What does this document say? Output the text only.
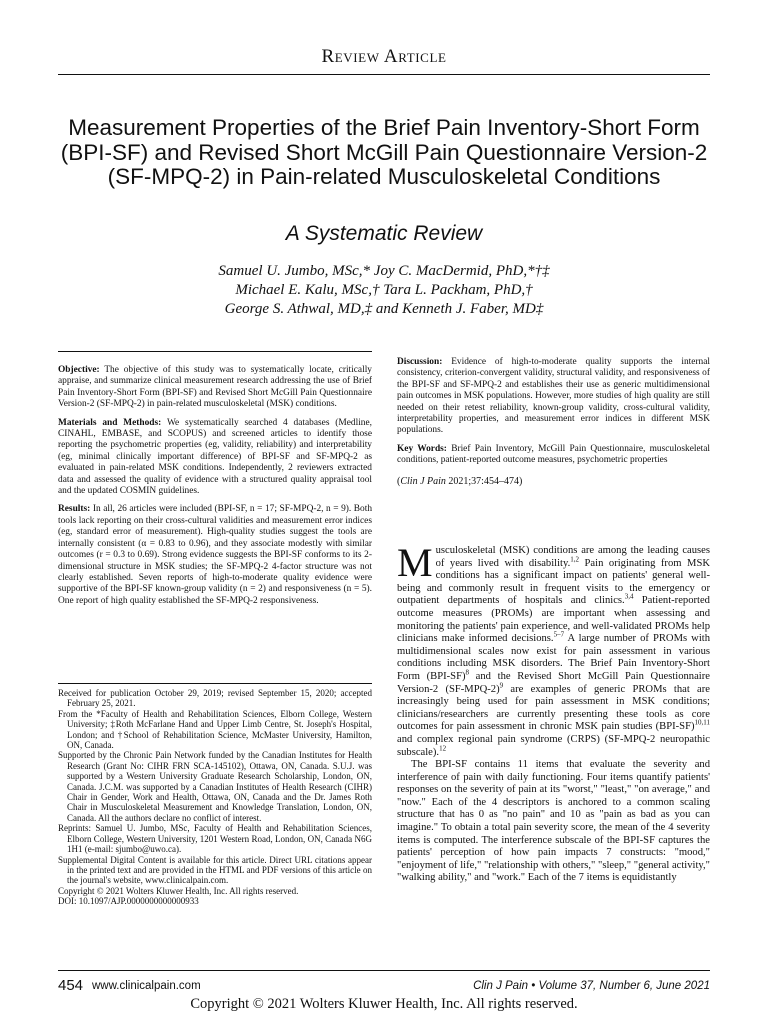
Review Article
Measurement Properties of the Brief Pain Inventory-Short Form (BPI-SF) and Revised Short McGill Pain Questionnaire Version-2 (SF-MPQ-2) in Pain-related Musculoskeletal Conditions
A Systematic Review
Samuel U. Jumbo, MSc,* Joy C. MacDermid, PhD,*†‡
Michael E. Kalu, MSc,† Tara L. Packham, PhD,†
George S. Athwal, MD,‡ and Kenneth J. Faber, MD‡

Objective: The objective of this study was to systematically locate, critically appraise, and summarize clinical measurement research addressing the use of Brief Pain Inventory-Short Form (BPI-SF) and Revised Short McGill Pain Questionnaire Version-2 (SF-MPQ-2) in pain-related musculoskeletal (MSK) conditions.

Materials and Methods: We systematically searched 4 databases (Medline, CINAHL, EMBASE, and SCOPUS) and screened articles to identify those reporting the psychometric properties (eg, validity, reliability) and interpretability (eg, minimal clinically important difference) of BPI-SF and SF-MPQ-2 as evaluated in pain-related MSK conditions. Independently, 2 reviewers extracted data and assessed the quality of evidence with a structured quality appraisal tool and the updated COSMIN guidelines.

Results: In all, 26 articles were included (BPI-SF, n = 17; SF-MPQ-2, n = 9). Both tools lack reporting on their cross-cultural validities and measurement error indices (eg, standard error of measurement). High-quality studies suggest the tools are internally consistent (α = 0.83 to 0.96), and they associate modestly with similar outcomes (r = 0.3 to 0.69). Strong evidence suggests the BPI-SF conforms to its 2-dimensional structure in MSK studies; the SF-MPQ-2 4-factor structure was not clearly established. Seven reports of high-to-moderate quality evidence were supportive of the BPI-SF known-group validity (n = 2) and responsiveness (n = 5). One report of high quality established the SF-MPQ-2 responsiveness.

Discussion: Evidence of high-to-moderate quality supports the internal consistency, criterion-convergent validity, structural validity, and responsiveness of the BPI-SF and SF-MPQ-2 and establishes their use as generic multidimensional pain outcomes in MSK populations. However, more studies of high quality are still needed on their retest reliability, known-group validity, cross-cultural validity, interpretability properties, and measurement error indices in different MSK populations.

Key Words: Brief Pain Inventory, McGill Pain Questionnaire, musculoskeletal conditions, patient-reported outcome measures, psychometric properties

(Clin J Pain 2021;37:454–474)
Received for publication October 29, 2019; revised September 15, 2020; accepted February 25, 2021.
From the *Faculty of Health and Rehabilitation Sciences, Elborn College, Western University; ‡Roth McFarlane Hand and Upper Limb Centre, St. Joseph's Hospital, London; and †School of Rehabilitation Science, McMaster University, Hamilton, ON, Canada.
Supported by the Chronic Pain Network funded by the Canadian Institutes for Health Research (Grant No: CIHR FRN SCA-145102), Ottawa, ON, Canada. S.U.J. was supported by a Western University Graduate Research Scholarship, London, ON, Canada. J.C.M. was supported by a Canadian Institutes of Health Research (CIHR) Chair in Gender, Work and Health, Ottawa, ON, Canada and the Dr. James Roth Chair in Musculoskeletal Measurement and Knowledge Translation, London, ON, Canada. All the authors declare no conflict of interest.
Reprints: Samuel U. Jumbo, MSc, Faculty of Health and Rehabilitation Sciences, Elborn College, Western University, 1201 Western Road, London, ON, Canada N6G 1H1 (e-mail: sjumbo@uwo.ca).
Supplemental Digital Content is available for this article. Direct URL citations appear in the printed text and are provided in the HTML and PDF versions of this article on the journal's website, www.clinicalpain.com.
Copyright © 2021 Wolters Kluwer Health, Inc. All rights reserved.
DOI: 10.1097/AJP.0000000000000933

Musculoskeletal (MSK) conditions are among the leading causes of years lived with disability.$^{1,2}$ Pain originating from MSK conditions has a significant impact on patients' general well-being and commonly result in frequent visits to the emergency or outpatient departments of hospitals and clinics.$^{3,4}$ Patient-reported outcome measures (PROMs) are important when assessing and monitoring the patients' pain experience, and well-validated PROMs help clinicians make informed decisions.$^{5-7}$ A large number of PROMs with multidimensional scales now exist for pain assessment in various conditions including MSK disorders. The Brief Pain Inventory-Short Form $(BPI-SF)^8$ and the Revised Short McGill Pain Questionnaire Version-2 $(SF-MPQ-2)^9$ are examples of generic PROMs that are increasingly being used for pain assessment in MSK conditions; clinicians/researchers are currently presenting these tools as core outcomes for pain assessment in chronic MSK pain studies $(BPI-SF)^{10,11}$ and complex regional pain syndrome (CRPS) (SF-MPQ-2 neuropathic subscale).$^{12}$

The BPI-SF contains 11 items that evaluate the severity and interference of pain with daily functioning. Four items quantify patients' responses on the severity of pain at its "worst," "least," "on average," and "now." Each of the 4 descriptors is anchored to a common scaling structure that has 0 as "no pain" and 10 as "pain as bad as you can imagine." To obtain a total pain severity score, the mean of the 4 severity items is computed. The interference subscale of the BPI-SF captures the patients' perception of how pain impacts 7 constructs: "mood," "enjoyment of life," "relationship with others," "sleep," "general activity," "walking ability," and "work." Each of the 7 items is equidistantly

454 www.clinicalpain.com	Clin J Pain • Volume 37, Number 6, June 2021
Copyright © 2021 Wolters Kluwer Health, Inc. All rights reserved.
